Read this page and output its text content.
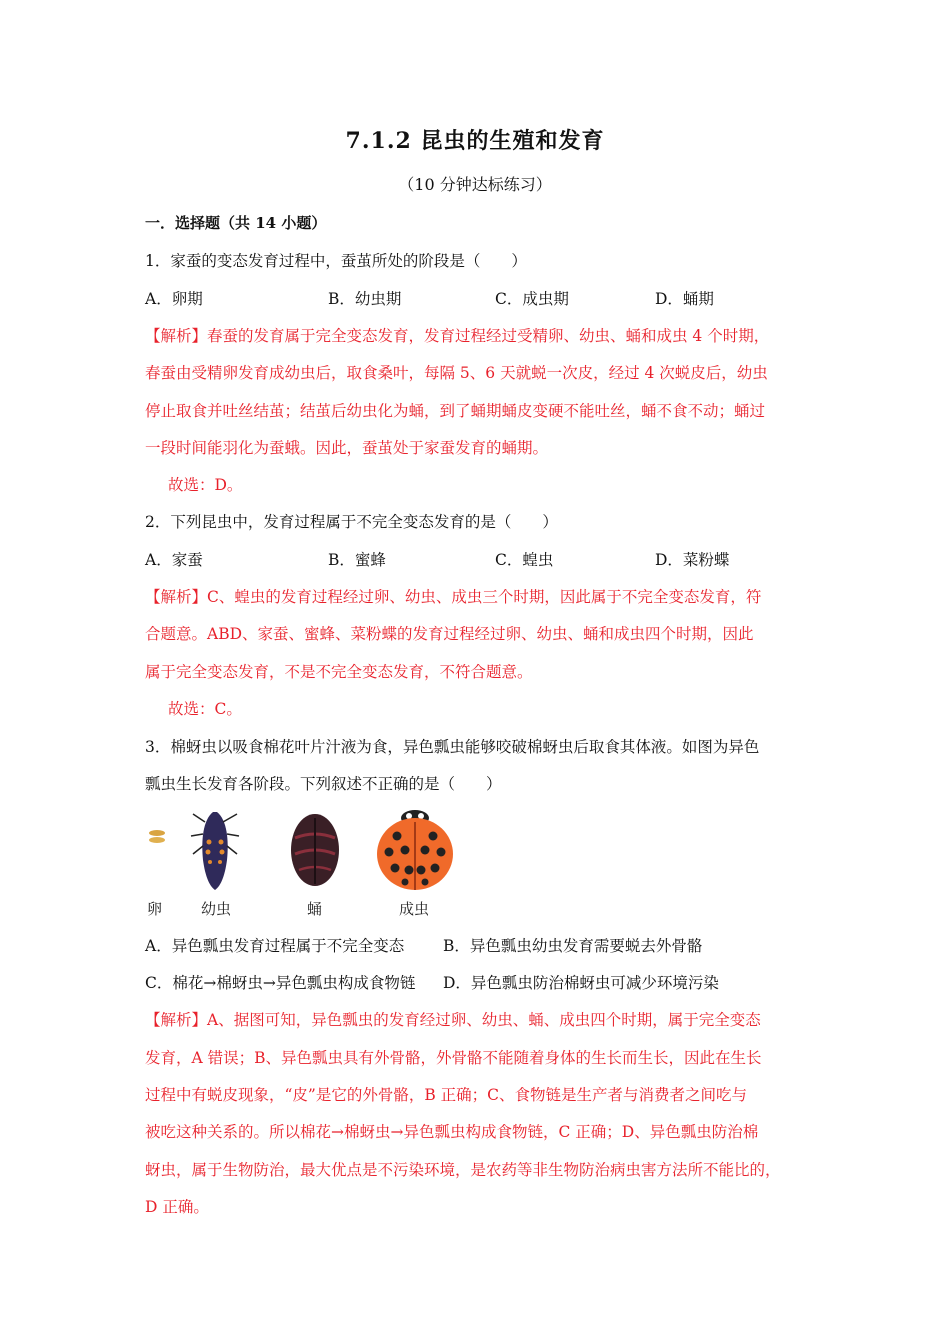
7.1.2 昆虫的生殖和发育
（10 分钟达标练习）
一．选择题（共 14 小题）
1．家蚕的变态发育过程中，蚕茧所处的阶段是（　　）
A．卵期	B．幼虫期	C．成虫期	D．蛹期
【解析】春蚕的发育属于完全变态发育，发育过程经过受精卵、幼虫、蛹和成虫 4 个时期，
春蚕由受精卵发育成幼虫后，取食桑叶，每隔 5、6 天就蜕一次皮，经过 4 次蜕皮后，幼虫
停止取食并吐丝结茧；结茧后幼虫化为蛹，到了蛹期蛹皮变硬不能吐丝，蛹不食不动；蛹过
一段时间能羽化为蚕蛾。因此，蚕茧处于家蚕发育的蛹期。
故选：D。
2．下列昆虫中，发育过程属于不完全变态发育的是（　　）
A．家蚕	B．蜜蜂	C．蝗虫	D．菜粉蝶
【解析】C、蝗虫的发育过程经过卵、幼虫、成虫三个时期，因此属于不完全变态发育，符
合题意。ABD、家蚕、蜜蜂、菜粉蝶的发育过程经过卵、幼虫、蛹和成虫四个时期，因此
属于完全变态发育，不是不完全变态发育，不符合题意。
故选：C。
3．棉蚜虫以吸食棉花叶片汁液为食，异色瓢虫能够咬破棉蚜虫后取食其体液。如图为异色
瓢虫生长发育各阶段。下列叙述不正确的是（　　）
卵	幼虫	蛹	成虫
A．异色瓢虫发育过程属于不完全变态	B．异色瓢虫幼虫发育需要蜕去外骨骼
C．棉花→棉蚜虫→异色瓢虫构成食物链 D．异色瓢虫防治棉蚜虫可减少环境污染
【解析】A、据图可知，异色瓢虫的发育经过卵、幼虫、蛹、成虫四个时期，属于完全变态
发育，A 错误；B、异色瓢虫具有外骨骼，外骨骼不能随着身体的生长而生长，因此在生长
过程中有蜕皮现象，“皮”是它的外骨骼，B 正确；C、食物链是生产者与消费者之间吃与
被吃这种关系的。所以棉花→棉蚜虫→异色瓢虫构成食物链，C 正确；D、异色瓢虫防治棉
蚜虫，属于生物防治，最大优点是不污染环境，是农药等非生物防治病虫害方法所不能比的，
D 正确。
